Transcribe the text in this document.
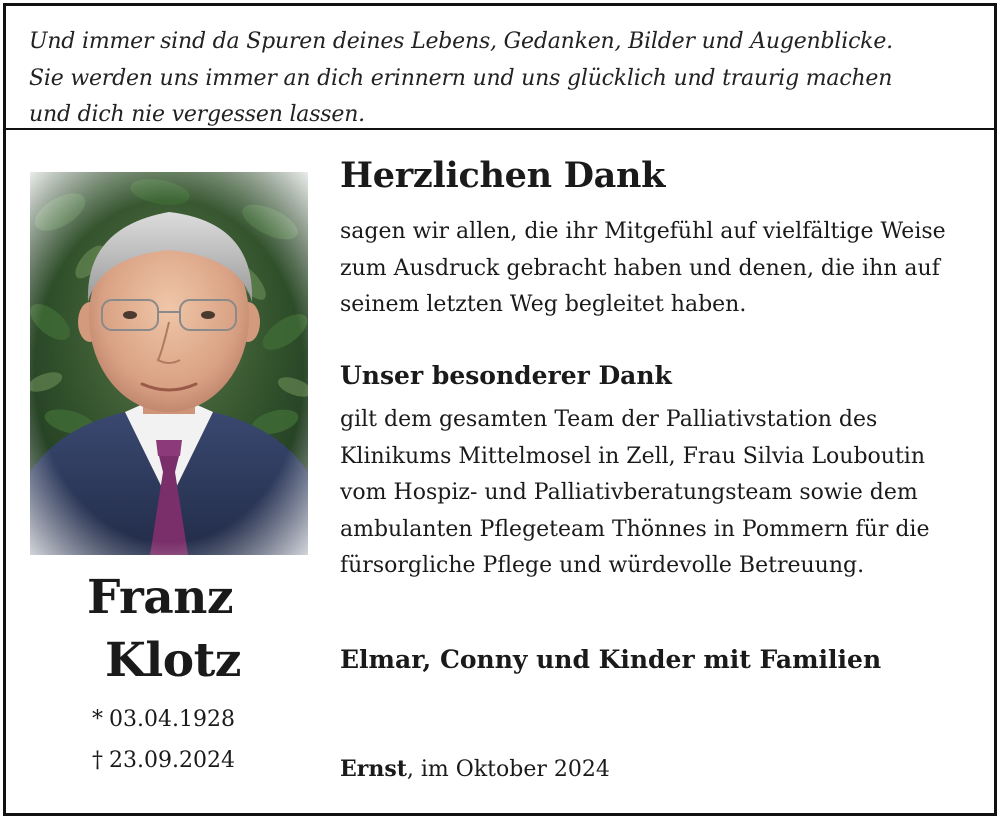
Und immer sind da Spuren deines Lebens, Gedanken, Bilder und Augenblicke.
Sie werden uns immer an dich erinnern und uns glücklich und traurig machen
und dich nie vergessen lassen.
Franz
Klotz
* 03.04.1928
† 23.09.2024
Herzlichen Dank
sagen wir allen, die ihr Mitgefühl auf vielfältige Weise
zum Ausdruck gebracht haben und denen, die ihn auf
seinem letzten Weg begleitet haben.
Unser besonderer Dank
gilt dem gesamten Team der Palliativstation des
Klinikums Mittelmosel in Zell, Frau Silvia Louboutin
vom Hospiz- und Palliativberatungsteam sowie dem
ambulanten Pflegeteam Thönnes in Pommern für die
fürsorgliche Pflege und würdevolle Betreuung.
Elmar, Conny und Kinder mit Familien
Ernst, im Oktober 2024
